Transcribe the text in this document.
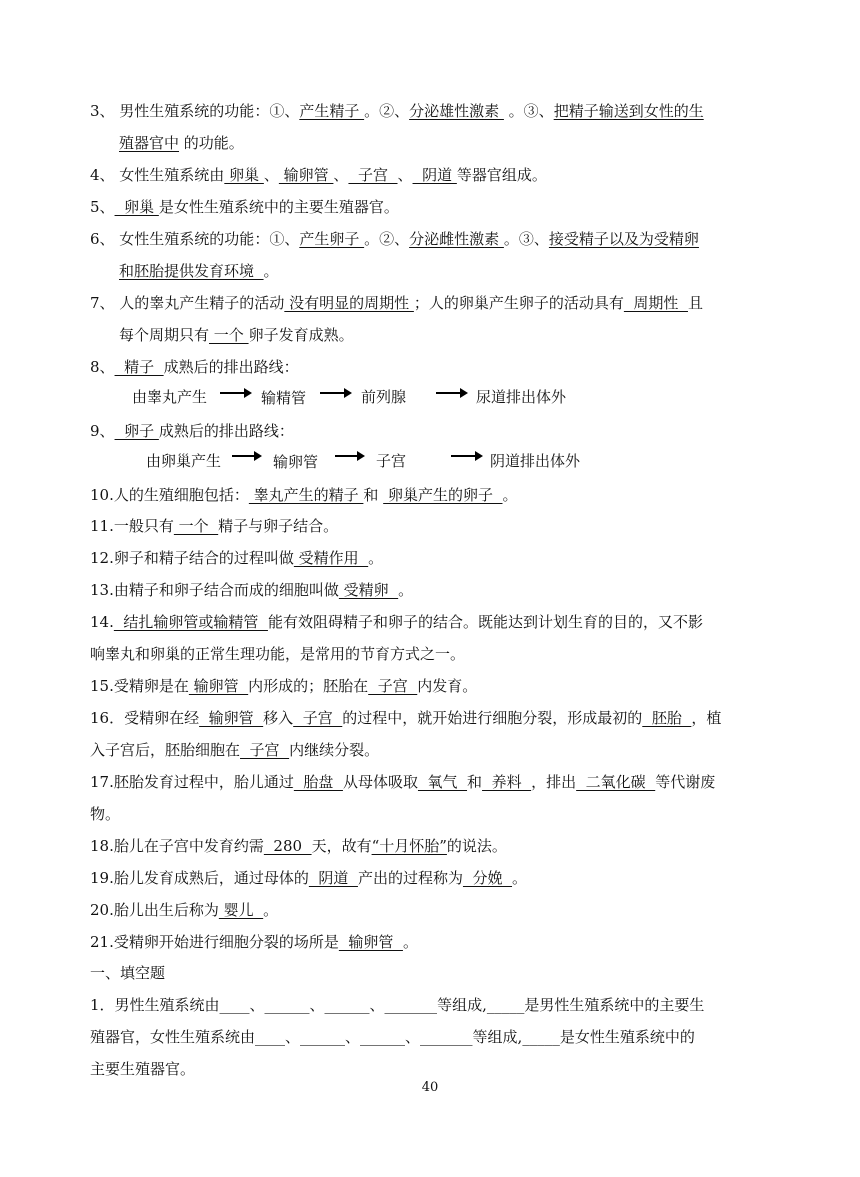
3、 男性生殖系统的功能：①、产生精子 。②、分泌雄性激素  。③、把精子输送到女性的生
殖器官中 的功能。
4、 女性生殖系统由 卵巢 、 输卵管 、  子宫  、  阴道 等器官组成。
5、  卵巢 是女性生殖系统中的主要生殖器官。
6、 女性生殖系统的功能：①、产生卵子 。②、分泌雌性激素 。③、接受精子以及为受精卵
和胚胎提供发育环境  。
7、 人的睾丸产生精子的活动 没有明显的周期性 ；人的卵巢产生卵子的活动具有  周期性  且
每个周期只有 一个 卵子发育成熟。
8、  精子  成熟后的排出路线：
由睾丸产生	输精管	前列腺	尿道排出体外
9、  卵子 成熟后的排出路线：
由卵巢产生	输卵管	子宫	阴道排出体外
10.人的生殖细胞包括： 睾丸产生的精子 和  卵巢产生的卵子  。
11.一般只有 一个  精子与卵子结合。
12.卵子和精子结合的过程叫做 受精作用  。
13.由精子和卵子结合而成的细胞叫做 受精卵  。
14.  结扎输卵管或输精管  能有效阻碍精子和卵子的结合。既能达到计划生育的目的，又不影
响睾丸和卵巢的正常生理功能，是常用的节育方式之一。
15.受精卵是在 输卵管  内形成的；胚胎在  子宫  内发育。
16．受精卵在经  输卵管  移入  子宫  的过程中，就开始进行细胞分裂，形成最初的  胚胎  ，植
入子宫后，胚胎细胞在  子宫  内继续分裂。
17.胚胎发育过程中，胎儿通过  胎盘  从母体吸取  氧气  和  养料  ，排出  二氧化碳  等代谢废
物。
18.胎儿在子宫中发育约需  280  天，故有“十月怀胎”的说法。
19.胎儿发育成熟后，通过母体的  阴道  产出的过程称为  分娩  。
20.胎儿出生后称为 婴儿  。
21.受精卵开始进行细胞分裂的场所是  输卵管  。
一、填空题
1．男性生殖系统由____、______、______、_______等组成,_____是男性生殖系统中的主要生
殖器官，女性生殖系统由____、______、______、_______等组成,_____是女性生殖系统中的
主要生殖器官。
40
